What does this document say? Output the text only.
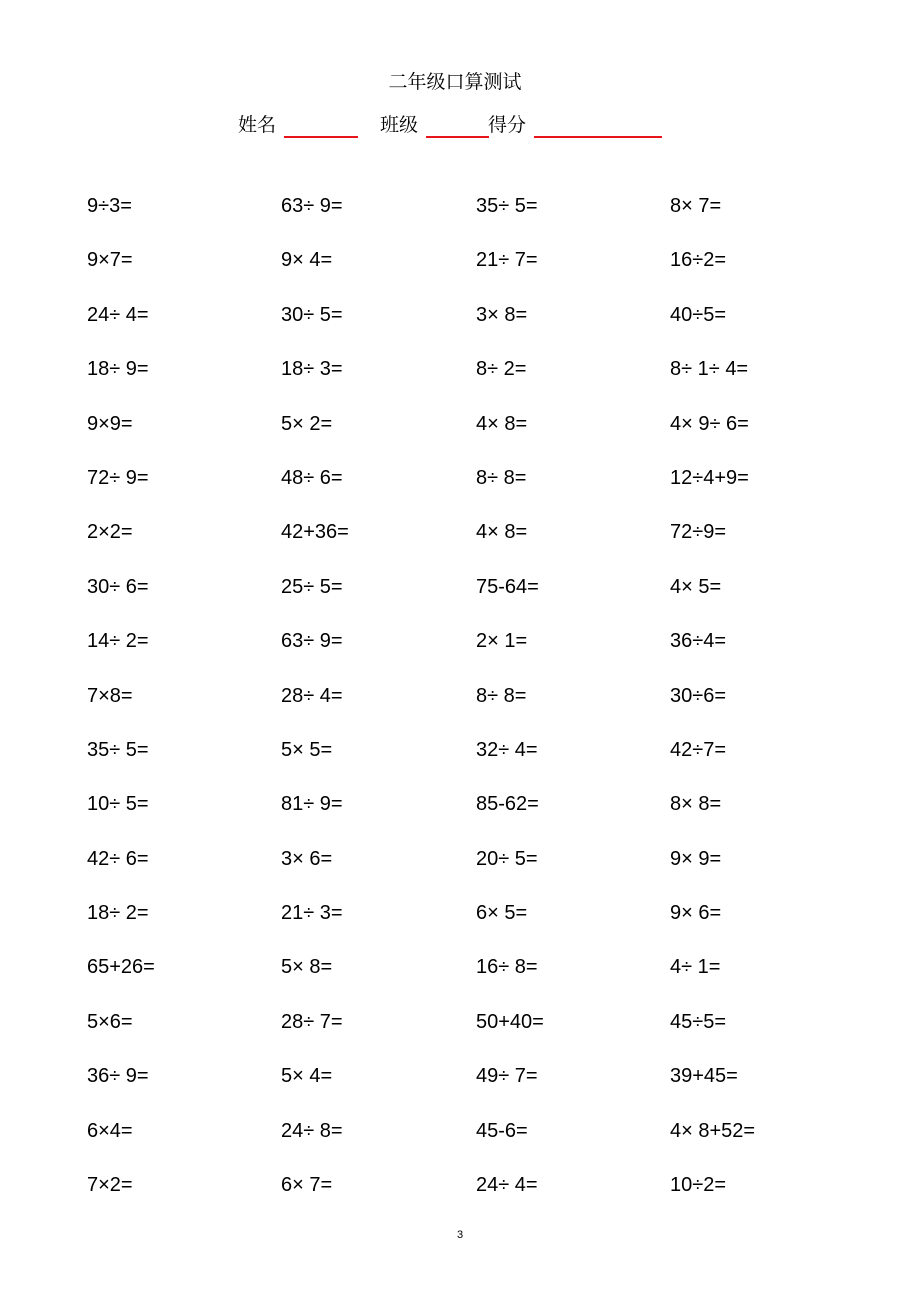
二年级口算测试
姓名	班级	得分
9÷3=	63÷ 9=	35÷ 5=	8× 7=
9×7=	9× 4=	21÷ 7=	16÷2=
24÷ 4=	30÷ 5=	3× 8=	40÷5=
18÷ 9=	18÷ 3=	8÷ 2=	8÷ 1÷ 4=
9×9=	5× 2=	4× 8=	4× 9÷ 6=
72÷ 9=	48÷ 6=	8÷ 8=	12÷4+9=
2×2=	42+36=	4× 8=	72÷9=
30÷ 6=	25÷ 5=	75-64=	4× 5=
14÷ 2=	63÷ 9=	2× 1=	36÷4=
7×8=	28÷ 4=	8÷ 8=	30÷6=
35÷ 5=	5× 5=	32÷ 4=	42÷7=
10÷ 5=	81÷ 9=	85-62=	8× 8=
42÷ 6=	3× 6=	20÷ 5=	9× 9=
18÷ 2=	21÷ 3=	6× 5=	9× 6=
65+26=	5× 8=	16÷ 8=	4÷ 1=
5×6=	28÷ 7=	50+40=	45÷5=
36÷ 9=	5× 4=	49÷ 7=	39+45=
6×4=	24÷ 8=	45-6=	4× 8+52=
7×2=	6× 7=	24÷ 4=	10÷2=
3
